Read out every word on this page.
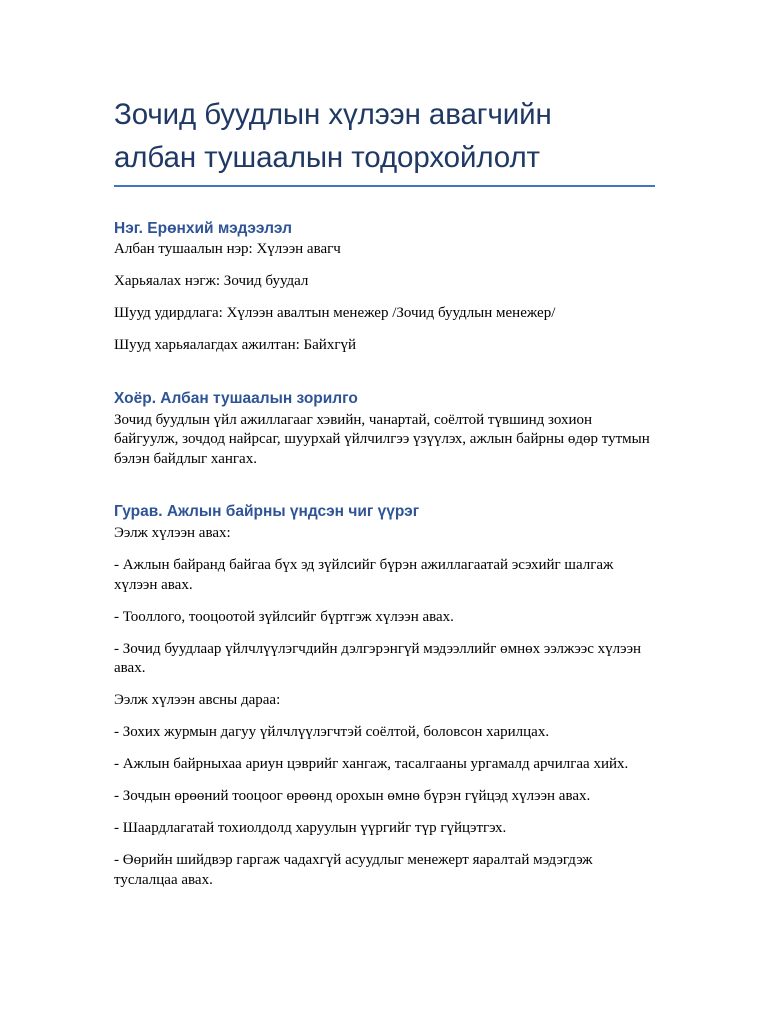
Зочид буудлын хүлээн авагчийн
албан тушаалын тодорхойлолт
Нэг. Ерөнхий мэдээлэл

Албан тушаалын нэр: Хүлээн авагч

Харьяалах нэгж: Зочид буудал

Шууд удирдлага: Хүлээн авалтын менежер /Зочид буудлын менежер/

Шууд харьяалагдах ажилтан: Байхгүй

Хоёр. Албан тушаалын зорилго

Зочид буудлын үйл ажиллагааг хэвийн, чанартай, соёлтой түвшинд зохион байгуулж, зочдод найрсаг, шуурхай үйлчилгээ үзүүлэх, ажлын байрны өдөр тутмын бэлэн байдлыг хангах.

Гурав. Ажлын байрны үндсэн чиг үүрэг

Ээлж хүлээн авах:

- Ажлын байранд байгаа бүх эд зүйлсийг бүрэн ажиллагаатай эсэхийг шалгаж хүлээн авах.

- Тооллого, тооцоотой зүйлсийг бүртгэж хүлээн авах.

- Зочид буудлаар үйлчлүүлэгчдийн дэлгэрэнгүй мэдээллийг өмнөх ээлжээс хүлээн авах.

Ээлж хүлээн авсны дараа:

- Зохих журмын дагуу үйлчлүүлэгчтэй соёлтой, боловсон харилцах.

- Ажлын байрныхаа ариун цэврийг хангаж, тасалгааны ургамалд арчилгаа хийх.

- Зочдын өрөөний тооцоог өрөөнд орохын өмнө бүрэн гүйцэд хүлээн авах.

- Шаардлагатай тохиолдолд харуулын үүргийг түр гүйцэтгэх.

- Өөрийн шийдвэр гаргаж чадахгүй асуудлыг менежерт яаралтай мэдэгдэж туслалцаа авах.
